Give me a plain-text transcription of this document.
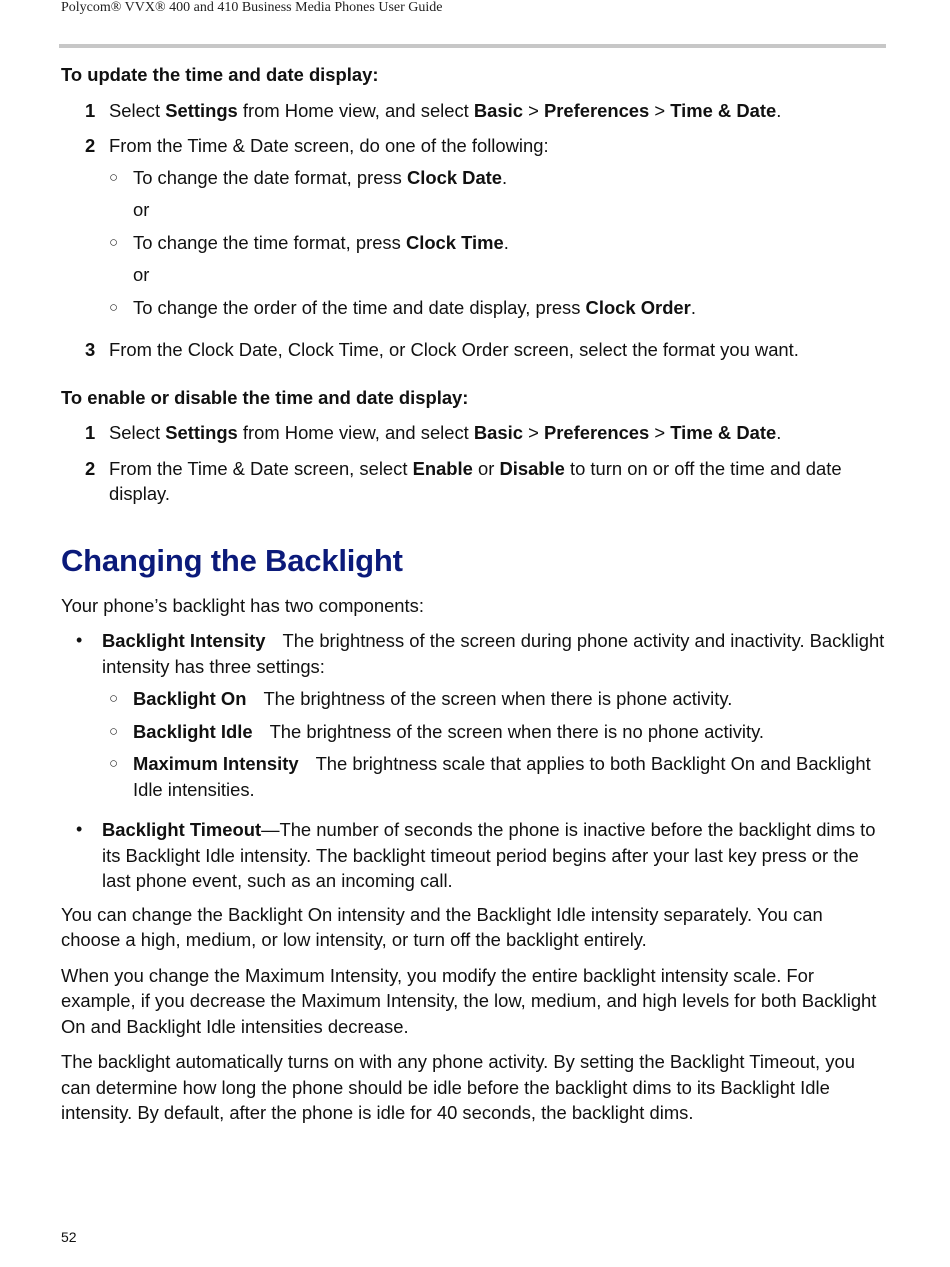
Polycom® VVX® 400 and 410 Business Media Phones User Guide
To update the time and date display:
1 Select Settings from Home view, and select Basic > Preferences > Time & Date.
2 From the Time & Date screen, do one of the following:
○ To change the date format, press Clock Date.
or
○ To change the time format, press Clock Time.
or
○ To change the order of the time and date display, press Clock Order.
3 From the Clock Date, Clock Time, or Clock Order screen, select the format you want.
To enable or disable the time and date display:
1 Select Settings from Home view, and select Basic > Preferences > Time & Date.
2 From the Time & Date screen, select Enable or Disable to turn on or off the time and date display.
Changing the Backlight

Your phone’s backlight has two components:

•	Backlight Intensity The brightness of the screen during phone activity and inactivity. Backlight intensity has three settings:
○ Backlight On The brightness of the screen when there is phone activity.
○ Backlight Idle The brightness of the screen when there is no phone activity.
○ Maximum Intensity The brightness scale that applies to both Backlight On and Backlight Idle intensities.
•	Backlight Timeout—The number of seconds the phone is inactive before the backlight dims to its Backlight Idle intensity. The backlight timeout period begins after your last key press or the last phone event, such as an incoming call.

You can change the Backlight On intensity and the Backlight Idle intensity separately. You can choose a high, medium, or low intensity, or turn off the backlight entirely.

When you change the Maximum Intensity, you modify the entire backlight intensity scale. For example, if you decrease the Maximum Intensity, the low, medium, and high levels for both Backlight On and Backlight Idle intensities decrease.

The backlight automatically turns on with any phone activity. By setting the Backlight Timeout, you can determine how long the phone should be idle before the backlight dims to its Backlight Idle intensity. By default, after the phone is idle for 40 seconds, the backlight dims.

52
